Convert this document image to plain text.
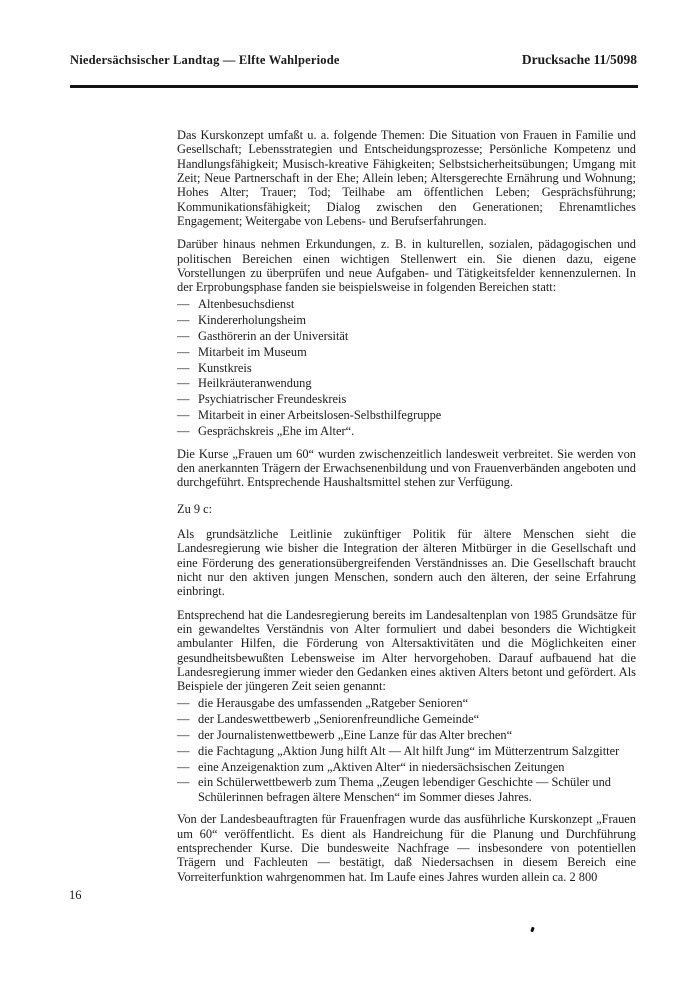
Niedersächsischer Landtag — Elfte Wahlperiode	Drucksache 11/5098

Das Kurskonzept umfaßt u. a. folgende Themen: Die Situation von Frauen in Familie und Gesellschaft; Lebensstrategien und Entscheidungsprozesse; Persönliche Kompetenz und Handlungsfähigkeit; Musisch-kreative Fähigkeiten; Selbstsicherheitsübungen; Umgang mit Zeit; Neue Partnerschaft in der Ehe; Allein leben; Altersgerechte Ernährung und Wohnung; Hohes Alter; Trauer; Tod; Teilhabe am öffentlichen Leben; Gesprächsführung; Kommunikationsfähigkeit; Dialog zwischen den Generationen; Ehrenamtliches Engagement; Weitergabe von Lebens- und Berufserfahrungen.

Darüber hinaus nehmen Erkundungen, z. B. in kulturellen, sozialen, pädagogischen und politischen Bereichen einen wichtigen Stellenwert ein. Sie dienen dazu, eigene Vorstellungen zu überprüfen und neue Aufgaben- und Tätigkeitsfelder kennenzulernen. In der Erprobungsphase fanden sie beispielsweise in folgenden Bereichen statt:

— Altenbesuchsdienst
— Kindererholungsheim
— Gasthörerin an der Universität
— Mitarbeit im Museum
— Kunstkreis
— Heilkräuteranwendung
— Psychiatrischer Freundeskreis
— Mitarbeit in einer Arbeitslosen-Selbsthilfegruppe
— Gesprächskreis „Ehe im Alter“.

Die Kurse „Frauen um 60“ wurden zwischenzeitlich landesweit verbreitet. Sie werden von den anerkannten Trägern der Erwachsenenbildung und von Frauenverbänden angeboten und durchgeführt. Entsprechende Haushaltsmittel stehen zur Verfügung.

Zu 9 c:

Als grundsätzliche Leitlinie zukünftiger Politik für ältere Menschen sieht die Landesregierung wie bisher die Integration der älteren Mitbürger in die Gesellschaft und eine Förderung des generationsübergreifenden Verständnisses an. Die Gesellschaft braucht nicht nur den aktiven jungen Menschen, sondern auch den älteren, der seine Erfahrung einbringt.

Entsprechend hat die Landesregierung bereits im Landesaltenplan von 1985 Grundsätze für ein gewandeltes Verständnis von Alter formuliert und dabei besonders die Wichtigkeit ambulanter Hilfen, die Förderung von Altersaktivitäten und die Möglichkeiten einer gesundheitsbewußten Lebensweise im Alter hervorgehoben. Darauf aufbauend hat die Landesregierung immer wieder den Gedanken eines aktiven Alters betont und gefördert. Als Beispiele der jüngeren Zeit seien genannt:

— die Herausgabe des umfassenden „Ratgeber Senioren“
— der Landeswettbewerb „Seniorenfreundliche Gemeinde“
— der Journalistenwettbewerb „Eine Lanze für das Alter brechen“
— die Fachtagung „Aktion Jung hilft Alt — Alt hilft Jung“ im Mütterzentrum Salzgitter
— eine Anzeigenaktion zum „Aktiven Alter“ in niedersächsischen Zeitungen
— ein Schülerwettbewerb zum Thema „Zeugen lebendiger Geschichte — Schüler und Schülerinnen befragen ältere Menschen“ im Sommer dieses Jahres.

Von der Landesbeauftragten für Frauenfragen wurde das ausführliche Kurskonzept „Frauen um 60“ veröffentlicht. Es dient als Handreichung für die Planung und Durchführung entsprechender Kurse. Die bundesweite Nachfrage — insbesondere von potentiellen Trägern und Fachleuten — bestätigt, daß Niedersachsen in diesem Bereich eine Vorreiterfunktion wahrgenommen hat. Im Laufe eines Jahres wurden allein ca. 2 800

16
